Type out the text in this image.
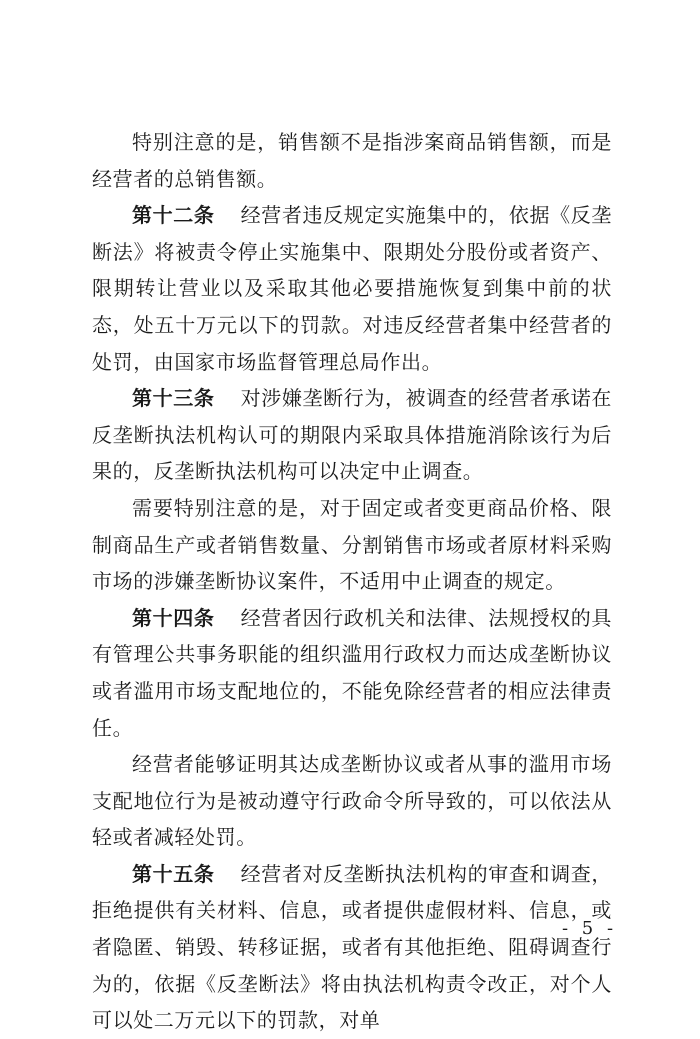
特别注意的是，销售额不是指涉案商品销售额，而是经营者的总销售额。

第十二条 经营者违反规定实施集中的，依据《反垄断法》将被责令停止实施集中、限期处分股份或者资产、限期转让营业以及采取其他必要措施恢复到集中前的状态，处五十万元以下的罚款。对违反经营者集中经营者的处罚，由国家市场监督管理总局作出。

第十三条 对涉嫌垄断行为，被调查的经营者承诺在反垄断执法机构认可的期限内采取具体措施消除该行为后果的，反垄断执法机构可以决定中止调查。

需要特别注意的是，对于固定或者变更商品价格、限制商品生产或者销售数量、分割销售市场或者原材料采购市场的涉嫌垄断协议案件，不适用中止调查的规定。

第十四条 经营者因行政机关和法律、法规授权的具有管理公共事务职能的组织滥用行政权力而达成垄断协议或者滥用市场支配地位的，不能免除经营者的相应法律责任。

经营者能够证明其达成垄断协议或者从事的滥用市场支配地位行为是被动遵守行政命令所导致的，可以依法从轻或者减轻处罚。

第十五条 经营者对反垄断执法机构的审查和调查，拒绝提供有关材料、信息，或者提供虚假材料、信息，或者隐匿、销毁、转移证据，或者有其他拒绝、阻碍调查行为的，依据《反垄断法》将由执法机构责令改正，对个人可以处二万元以下的罚款，对单

- 5 -
